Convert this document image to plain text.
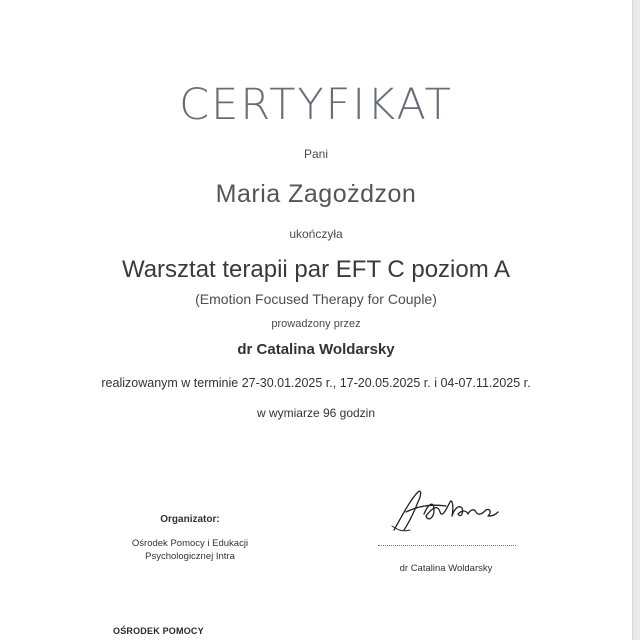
CERTYFIKAT
Pani
Maria Zagożdzon
ukończyła
Warsztat terapii par EFT C poziom A
(Emotion Focused Therapy for Couple)
prowadzony przez
dr Catalina Woldarsky
realizowanym w terminie 27-30.01.2025 r., 17-20.05.2025 r. i 04-07.11.2025 r.
w wymiarze 96 godzin
Organizator:
Ośrodek Pomocy i Edukacji
Psychologicznej Intra
dr Catalina Woldarsky
OŚRODEK POMOCY
